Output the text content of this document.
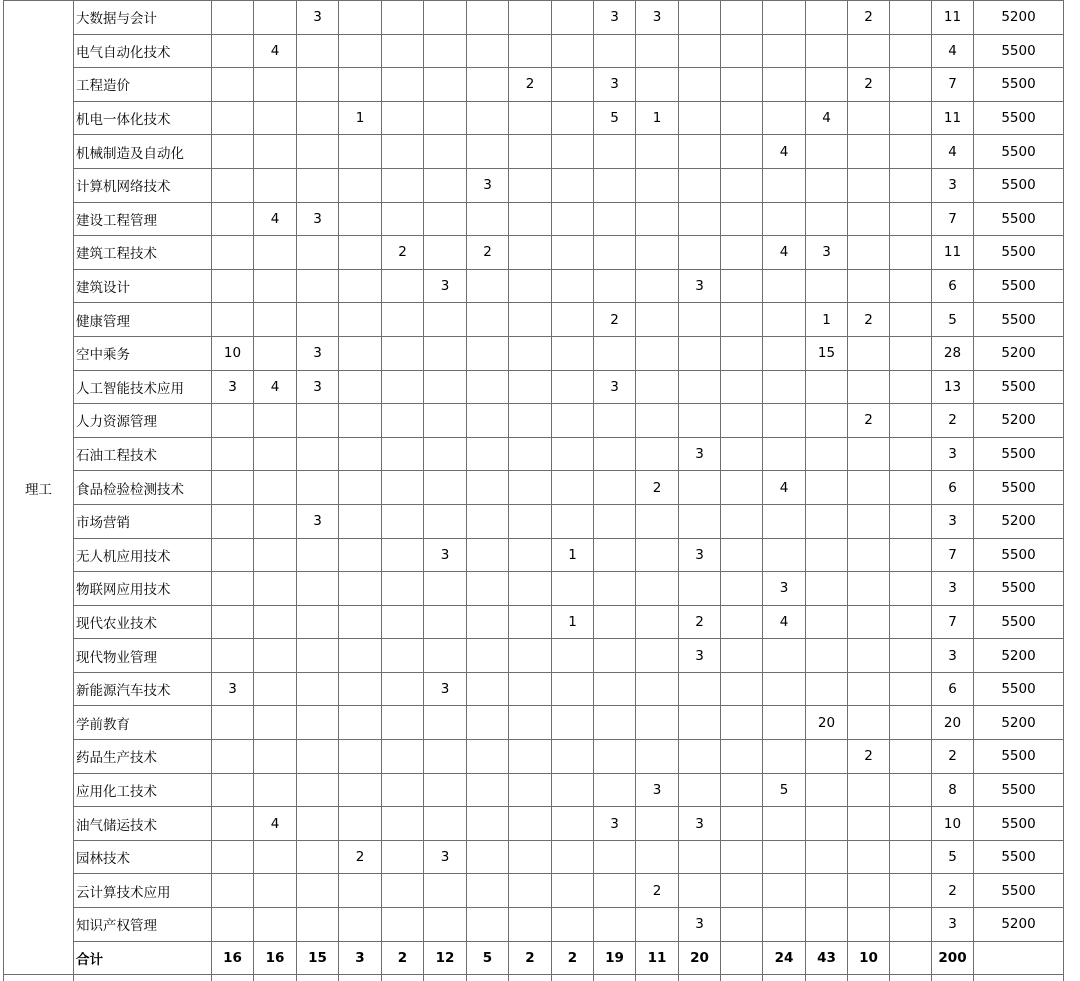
理工	大数据与会计			3							3	3					2		11	5200
	电气自动化技术		4																4	5500
	工程造价								2		3						2		7	5500
	机电一体化技术				1						5	1				4			11	5500
	机械制造及自动化														4				4	5500
	计算机网络技术							3											3	5500
	建设工程管理		4	3															7	5500
	建筑工程技术					2		2							4	3			11	5500
	建筑设计						3						3						6	5500
	健康管理										2					1	2		5	5500
	空中乘务	10		3												15			28	5200
	人工智能技术应用	3	4	3							3								13	5500
	人力资源管理																2		2	5200
	石油工程技术												3						3	5500
	食品检验检测技术											2			4				6	5500
	市场营销			3															3	5200
	无人机应用技术						3			1			3						7	5500
	物联网应用技术														3				3	5500
	现代农业技术									1			2		4				7	5500
	现代物业管理												3						3	5200
	新能源汽车技术	3					3												6	5500
	学前教育															20			20	5200
	药品生产技术																2		2	5500
	应用化工技术											3			5				8	5500
	油气储运技术		4								3		3						10	5500
	园林技术				2		3												5	5500
	云计算技术应用											2							2	5500
	知识产权管理												3						3	5200
	合计	16	16	15	3	2	12	5	2	2	19	11	20		24	43	10		200	
